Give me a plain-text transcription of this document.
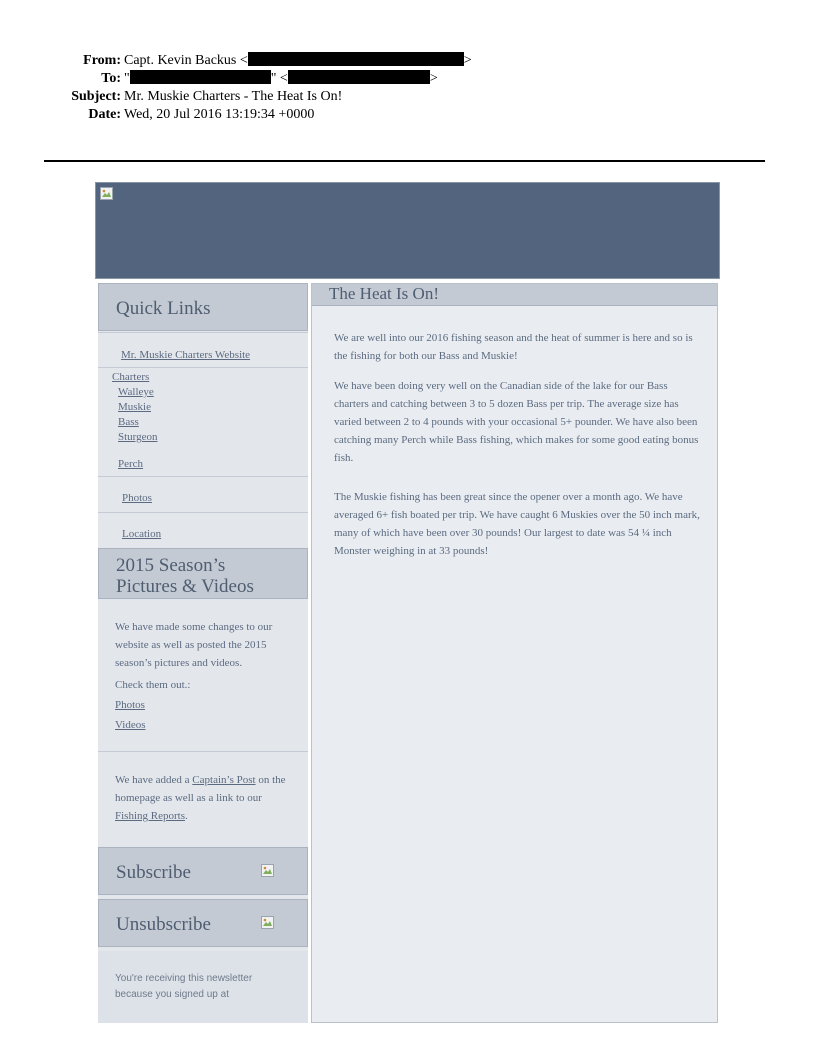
From: Capt. Kevin Backus <	>
To: "	" <	>
Subject: Mr. Muskie Charters - The Heat Is On!
Date: Wed, 20 Jul 2016 13:19:34 +0000
Quick Links
Mr. Muskie Charters Website
Charters
Walleye
Muskie
Bass
Sturgeon
Perch
Photos
Location
2015 Season’s
Pictures & Videos
We have made some changes to our website as well as posted the 2015 season’s pictures and videos.
Check them out.:
Photos
Videos
We have added a Captain’s Post on the homepage as well as a link to our Fishing Reports.
Subscribe
Unsubscribe
You're receiving this newsletter because you signed up at
The Heat Is On!

We are well into our 2016 fishing season and the heat of summer is here and so is the fishing for both our Bass and Muskie!

We have been doing very well on the Canadian side of the lake for our Bass charters and catching between 3 to 5 dozen Bass per trip. The average size has varied between 2 to 4 pounds with your occasional 5+ pounder. We have also been catching many Perch while Bass fishing, which makes for some good eating bonus fish.

The Muskie fishing has been great since the opener over a month ago. We have averaged 6+ fish boated per trip. We have caught 6 Muskies over the 50 inch mark, many of which have been over 30 pounds! Our largest to date was 54 ¼ inch Monster weighing in at 33 pounds!
